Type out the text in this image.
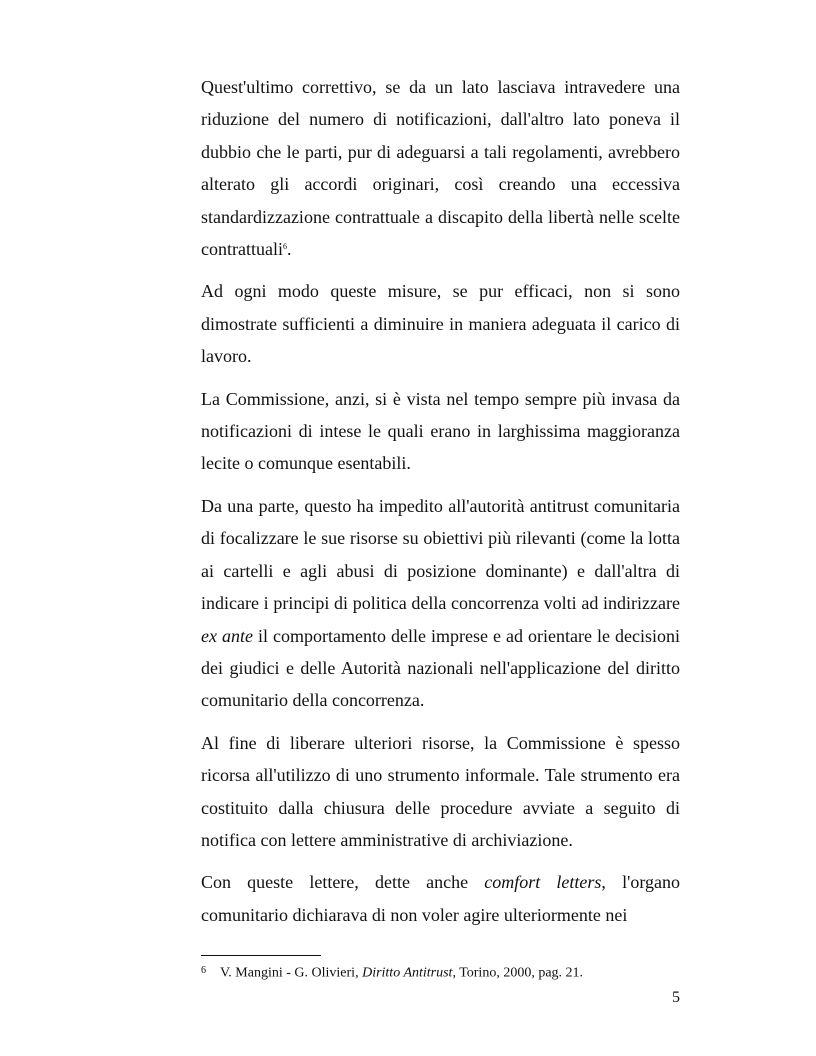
Quest'ultimo correttivo, se da un lato lasciava intravedere una riduzione del numero di notificazioni, dall'altro lato poneva il dubbio che le parti, pur di adeguarsi a tali regolamenti, avrebbero alterato gli accordi originari, così creando una eccessiva standardizzazione contrattuale a discapito della libertà nelle scelte contrattuali$^6$.

Ad ogni modo queste misure, se pur efficaci, non si sono dimostrate sufficienti a diminuire in maniera adeguata il carico di lavoro.

La Commissione, anzi, si è vista nel tempo sempre più invasa da notificazioni di intese le quali erano in larghissima maggioranza lecite o comunque esentabili.

Da una parte, questo ha impedito all'autorità antitrust comunitaria di focalizzare le sue risorse su obiettivi più rilevanti (come la lotta ai cartelli e agli abusi di posizione dominante) e dall'altra di indicare i principi di politica della concorrenza volti ad indirizzare ex ante il comportamento delle imprese e ad orientare le decisioni dei giudici e delle Autorità nazionali nell'applicazione del diritto comunitario della concorrenza.

Al fine di liberare ulteriori risorse, la Commissione è spesso ricorsa all'utilizzo di uno strumento informale. Tale strumento era costituito dalla chiusura delle procedure avviate a seguito di notifica con lettere amministrative di archiviazione.

Con queste lettere, dette anche comfort letters, l'organo comunitario dichiarava di non voler agire ulteriormente nei

$^6$ V. Mangini - G. Olivieri, Diritto Antitrust, Torino, 2000, pag. 21.
5
